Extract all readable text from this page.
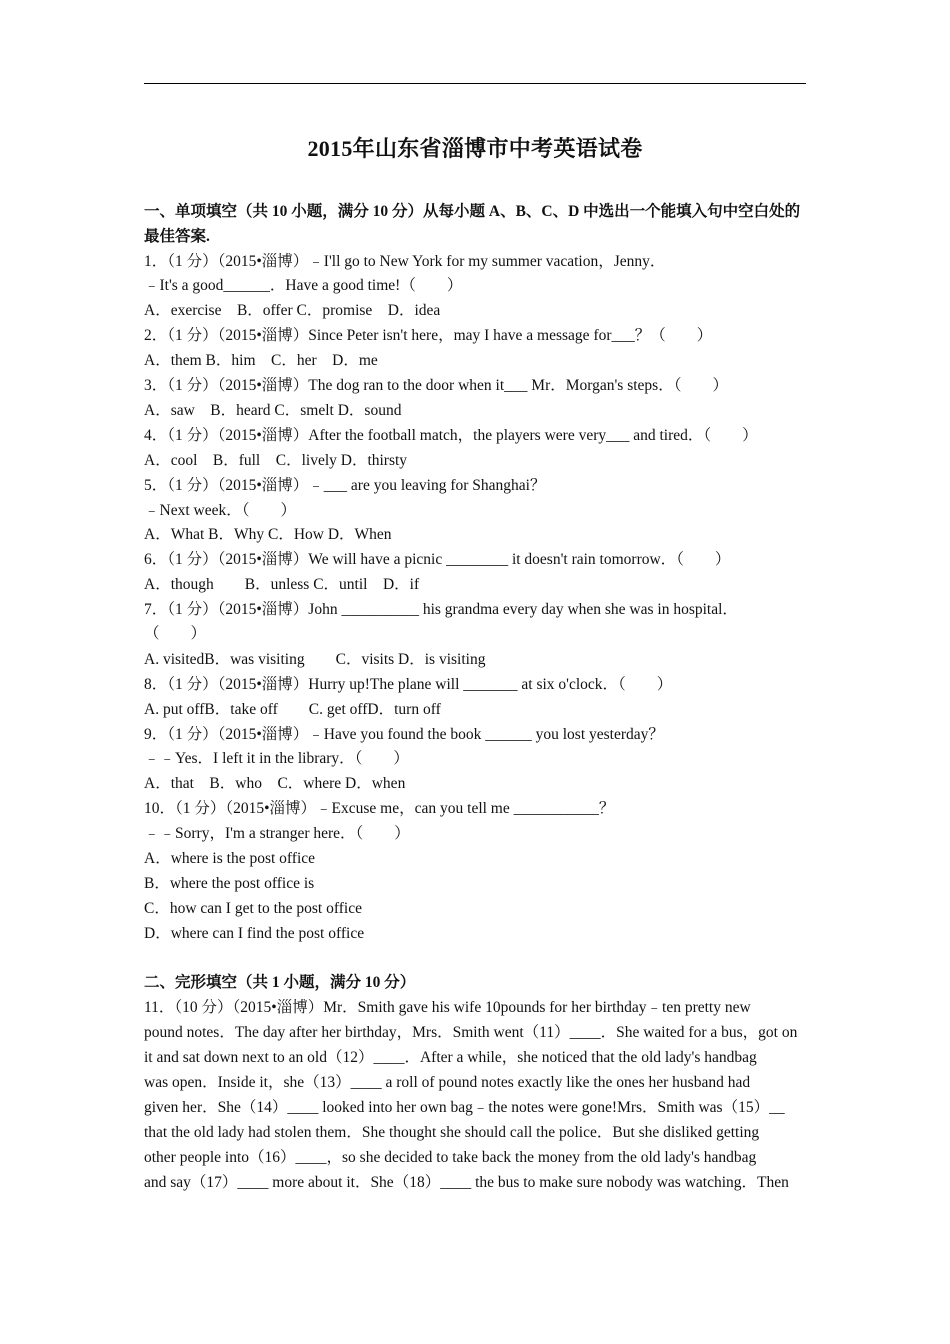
2015年山东省淄博市中考英语试卷
一、单项填空（共 10 小题，满分 10 分）从每小题 A、B、C、D 中选出一个能填入句中空白处的
最佳答案.
1．（1 分）（2015•淄博）﹣I'll go to New York for my summer vacation，Jenny．
﹣It's a good______．Have a good time!（　　）
A．exercise　B．offer C．promise　D．idea
2．（1 分）（2015•淄博）Since Peter isn't here，may I have a message for___？（　　）
A．them B．him　C．her　D．me
3．（1 分）（2015•淄博）The dog ran to the door when it___ Mr．Morgan's steps．（　　）
A．saw　B．heard C．smelt D．sound
4．（1 分）（2015•淄博）After the football match，the players were very___ and tired．（　　）
A．cool　B．full　C．lively D．thirsty
5．（1 分）（2015•淄博）﹣___ are you leaving for Shanghai？
﹣Next week．（　　）
A．What B．Why C．How D．When
6．（1 分）（2015•淄博）We will have a picnic ________ it doesn't rain tomorrow．（　　）
A．though　　B．unless C．until　D．if
7．（1 分）（2015•淄博）John __________ his grandma every day when she was in hospital．
（　　）
A. visitedB．was visiting　　C．visits D．is visiting
8．（1 分）（2015•淄博）Hurry up!The plane will _______ at six o'clock．（　　）
A. put offB．take off　　C. get offD．turn off
9．（1 分）（2015•淄博）﹣Have you found the book ______ you lost yesterday？
﹣﹣Yes．I left it in the library．（　　）
A．that　B．who　C．where D．when
10．（1 分）（2015•淄博）﹣Excuse me，can you tell me ___________？
﹣﹣Sorry，I'm a stranger here．（　　）
A．where is the post office
B．where the post office is
C．how can I get to the post office
D．where can I find the post office
二、完形填空（共 1 小题，满分 10 分）
11．（10 分）（2015•淄博）Mr．Smith gave his wife 10pounds for her birthday﹣ten pretty new
pound notes．The day after her birthday，Mrs．Smith went（11）____．She waited for a bus，got on
it and sat down next to an old（12）____．After a while，she noticed that the old lady's handbag
was open．Inside it，she（13）____ a roll of pound notes exactly like the ones her husband had
given her．She（14）____ looked into her own bag﹣the notes were gone!Mrs．Smith was（15）__
that the old lady had stolen them．She thought she should call the police．But she disliked getting
other people into（16）____，so she decided to take back the money from the old lady's handbag
and say（17）____ more about it．She（18）____ the bus to make sure nobody was watching．Then
